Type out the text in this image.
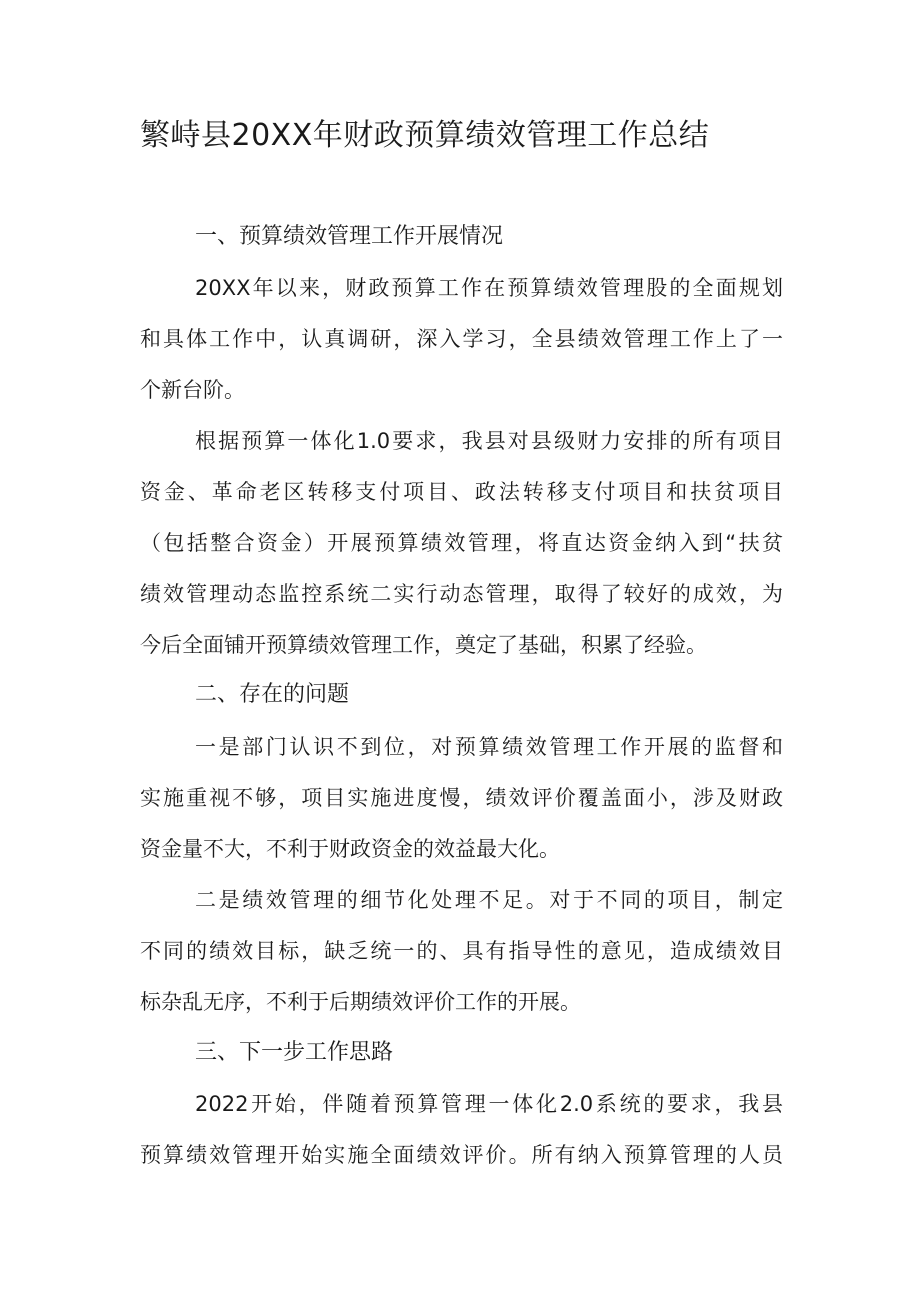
繁峙县20XX年财政预算绩效管理工作总结
一、预算绩效管理工作开展情况

20XX年以来，财政预算工作在预算绩效管理股的全面规划

和具体工作中，认真调研，深入学习，全县绩效管理工作上了一

个新台阶。

根据预算一体化1.0要求，我县对县级财力安排的所有项目

资金、革命老区转移支付项目、政法转移支付项目和扶贫项目

（包括整合资金）开展预算绩效管理，将直达资金纳入到“扶贫

绩效管理动态监控系统二实行动态管理，取得了较好的成效，为

今后全面铺开预算绩效管理工作，奠定了基础，积累了经验。

二、存在的问题

一是部门认识不到位，对预算绩效管理工作开展的监督和

实施重视不够，项目实施进度慢，绩效评价覆盖面小，涉及财政

资金量不大，不利于财政资金的效益最大化。

二是绩效管理的细节化处理不足。对于不同的项目，制定

不同的绩效目标，缺乏统一的、具有指导性的意见，造成绩效目

标杂乱无序，不利于后期绩效评价工作的开展。

三、下一步工作思路

2022开始，伴随着预算管理一体化2.0系统的要求，我县

预算绩效管理开始实施全面绩效评价。所有纳入预算管理的人员
